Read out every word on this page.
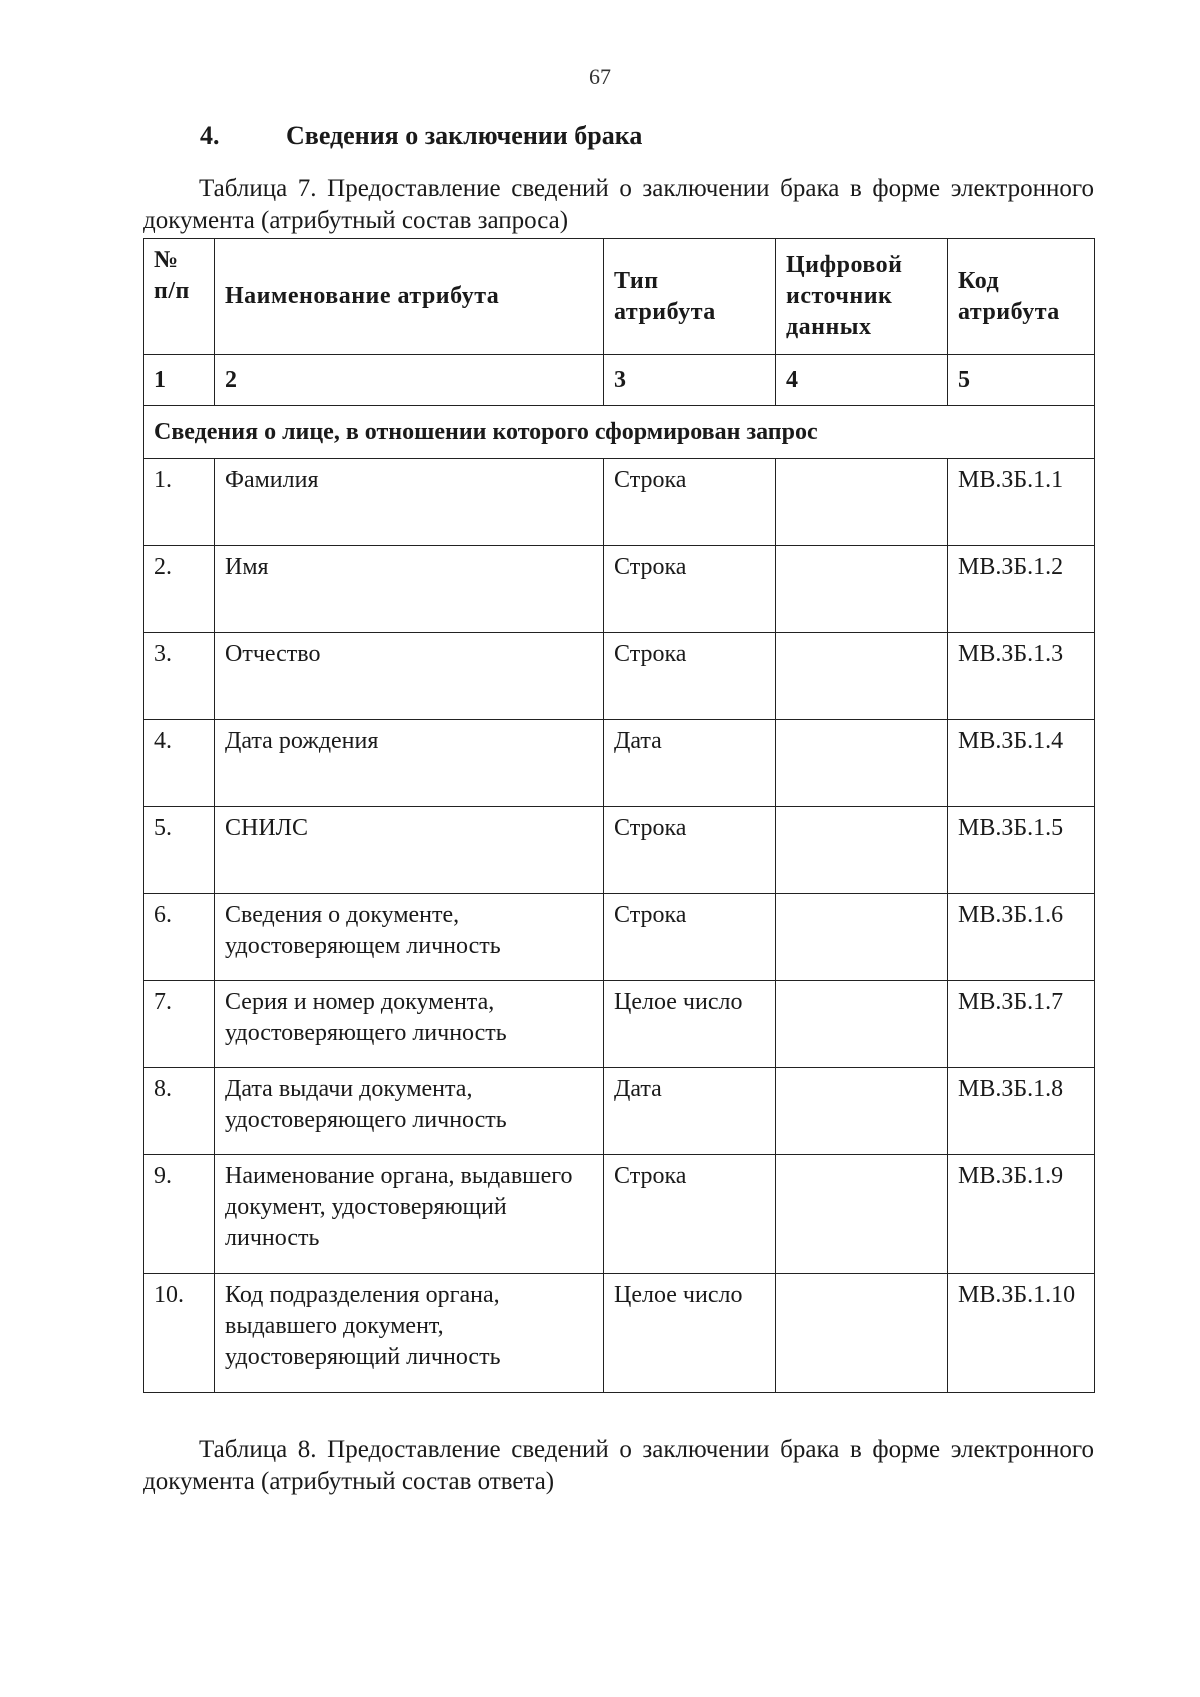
67
4.	Сведения о заключении брака
Таблица 7. Предоставление сведений о заключении брака в форме электронного документа (атрибутный состав запроса)
№ п/п	Наименование атрибута	Тип атрибута	Цифровой источник данных	Код атрибута
1	2	3	4	5
Сведения о лице, в отношении которого сформирован запрос				
1.	Фамилия	Строка		МВ.ЗБ.1.1
2.	Имя	Строка		МВ.ЗБ.1.2
3.	Отчество	Строка		МВ.ЗБ.1.3
4.	Дата рождения	Дата		МВ.ЗБ.1.4
5.	СНИЛС	Строка		МВ.ЗБ.1.5
6.	Сведения о документе, удостоверяющем личность	Строка		МВ.ЗБ.1.6
7.	Серия и номер документа, удостоверяющего личность	Целое число		МВ.ЗБ.1.7
8.	Дата выдачи документа, удостоверяющего личность	Дата		МВ.ЗБ.1.8
9.	Наименование органа, выдавшего документ, удостоверяющий личность	Строка		МВ.ЗБ.1.9
10.	Код подразделения органа, выдавшего документ, удостоверяющий личность	Целое число		МВ.ЗБ.1.10
Таблица 8. Предоставление сведений о заключении брака в форме электронного документа (атрибутный состав ответа)
